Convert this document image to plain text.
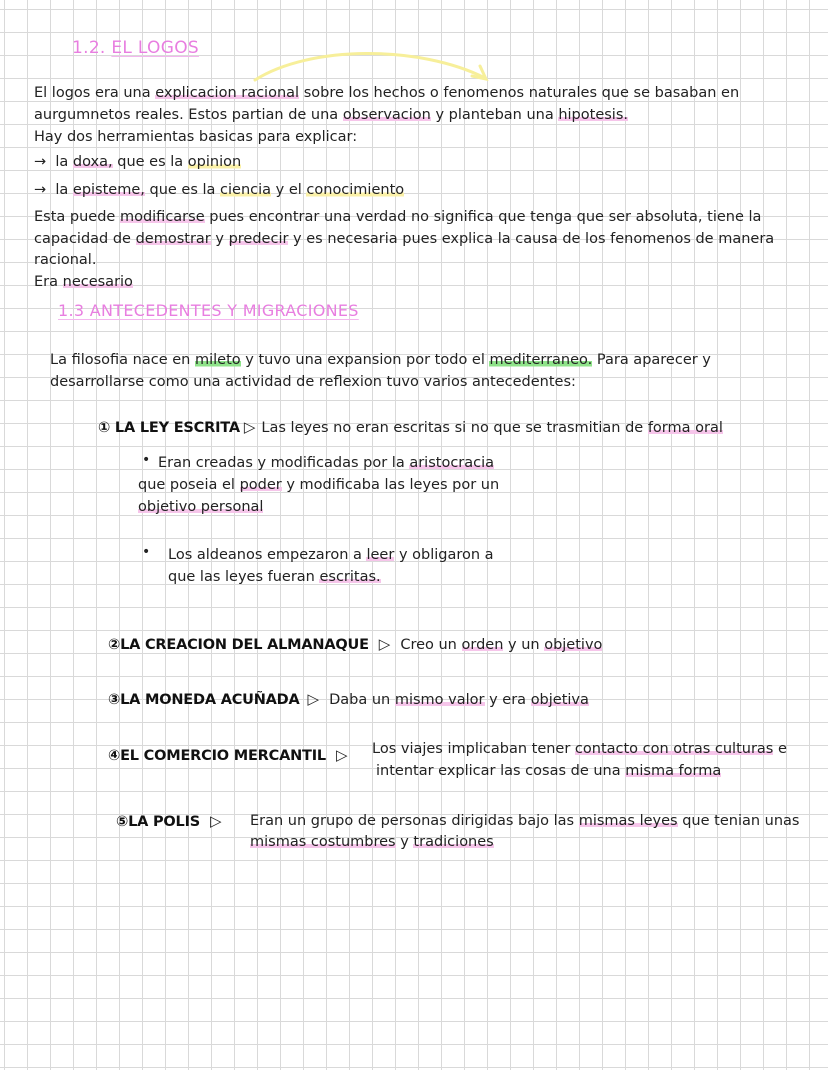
1.2. EL LOGOS
El logos era una explicacion racional sobre los hechos o fenomenos naturales que se basaban en
aurgumnetos reales. Estos partian de una observacion y planteban una hipotesis.
Hay dos herramientas basicas para explicar:
→ la doxa, que es la opinion
→ la episteme, que es la ciencia y el conocimiento
Esta puede modificarse pues encontrar una verdad no significa que tenga que ser absoluta, tiene la
capacidad de demostrar y predecir y es necesaria pues explica la causa de los fenomenos de manera
racional.
Era necesario
1.3 ANTECEDENTES Y MIGRACIONES
La filosofia nace en mileto y tuvo una expansion por todo el mediterraneo. Para aparecer y
desarrollarse como una actividad de reflexion tuvo varios antecedentes:
① LA LEY ESCRITA ▷ Las leyes no eran escritas si no que se trasmitian de forma oral
• Eran creadas y modificadas por la aristocracia
que poseia el poder y modificaba las leyes por un
objetivo personal
• Los aldeanos empezaron a leer y obligaron a
que las leyes fueran escritas.
②LA CREACION DEL ALMANAQUE ▷ Creo un orden y un objetivo
③LA MONEDA ACUÑADA ▷ Daba un mismo valor y era objetiva
④EL COMERCIO MERCANTIL ▷	Los viajes implicaban tener contacto con otras culturas e
intentar explicar las cosas de una misma forma
⑤LA POLIS ▷	Eran un grupo de personas dirigidas bajo las mismas leyes que tenian unas
mismas costumbres y tradiciones
